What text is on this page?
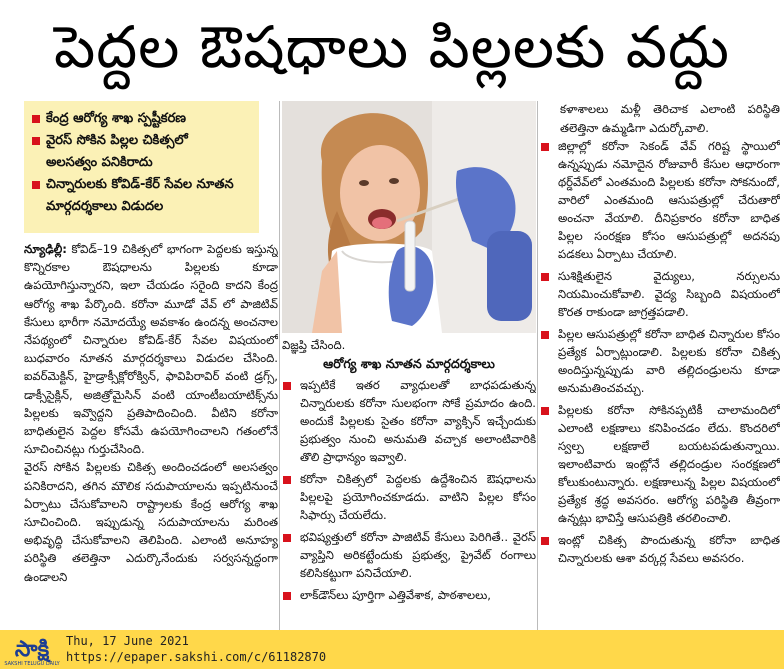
పెద్దల ఔషధాలు పిల్లలకు వద్దు
కేంద్ర ఆరోగ్య శాఖ స్పష్టీకరణ
వైరస్ సోకిన పిల్లల చికిత్సలో
అలసత్వం పనికిరాదు
చిన్నారులకు కోవిడ్‌-కేర్ సేవల నూతన
మార్గదర్శకాలు విడుదల

న్యూఢిల్లీ: కోవిడ్–19 చికిత్సలో భాగంగా పెద్దలకు ఇస్తున్న కొన్నిరకాల ఔషధాలను పిల్లలకు కూడా ఉపయోగిస్తున్నారని, ఇలా చేయడం సరైంది కాదని కేంద్ర ఆరోగ్య శాఖ పేర్కొంది. కరోనా మూడో వేవ్ లో పాజిటివ్ కేసులు భారీగా నమోదయ్యే అవకాశం ఉందన్న అంచనాల నేపథ్యంలో చిన్నారుల కోవిడ్‌-కేర్ సేవల విషయంలో బుధవారం నూతన మార్గదర్శకాలు విడుదల చేసింది. ఐవర్‌మెక్టిన్, హైడ్రాక్సీక్లోరోక్విన్, ఫావిపిరావిర్ వంటి డ్రగ్స్, డాక్సీసైక్లిన్, అజిత్రోమైసిన్ వంటి యాంటీబయాటిక్స్‌ను పిల్లలకు ఇవ్వొద్దని ప్రతిపాదించింది. వీటిని కరోనా బాధితులైన పెద్దల కోసమే ఉపయోగించాలని గతంలోనే సూచించినట్లు గుర్తుచేసింది.

వైరస్ సోకిన పిల్లలకు చికిత్స అందించడంలో అలసత్వం పనికిరాదని, తగిన మౌలిక సదుపాయాలను ఇప్పటినుంచే ఏర్పాటు చేసుకోవాలని రాష్ట్రాలకు కేంద్ర ఆరోగ్య శాఖ సూచించింది. ఇప్పుడున్న సదుపాయాలను మరింత అభివృద్ధి చేసుకోవాలని తెలిపింది. ఎలాంటి అనూహ్య పరిస్థితి తలెత్తినా ఎదుర్కొనేందుకు సర్వసన్నద్ధంగా ఉండాలని

విజ్ఞప్తి చేసింది.
ఆరోగ్య శాఖ నూతన మార్గదర్శకాలు

ఇప్పటికే ఇతర వ్యాధులతో బాధపడుతున్న చిన్నారులకు కరోనా సులభంగా సోకే ప్రమాదం ఉంది. అందుకే పిల్లలకు సైతం కరోనా వ్యాక్సిన్ ఇచ్చేందుకు ప్రభుత్వం నుంచి అనుమతి వచ్చాక అలాంటివారికి తొలి ప్రాధాన్యం ఇవ్వాలి.

కరోనా చికిత్సలో పెద్దలకు ఉద్దేశించిన ఔషధాలను పిల్లలపై ప్రయోగించకూడదు. వాటిని పిల్లల కోసం సిఫార్సు చేయలేదు.

భవిష్యత్తులో కరోనా పాజిటివ్ కేసులు పెరిగితే.. వైరస్ వ్యాప్తిని అరికట్టేందుకు ప్రభుత్వ, ప్రైవేట్ రంగాలు కలిసికట్టుగా పనిచేయాలి.

లాక్‌డౌన్‌లు పూర్తిగా ఎత్తివేశాక, పాఠశాలలు,

కళాశాలలు మళ్లీ తెరిచాక ఎలాంటి పరిస్థితి తలెత్తినా ఉమ్మడిగా ఎదుర్కోవాలి.

జిల్లాల్లో కరోనా సెకండ్ వేవ్ గరిష్ట స్థాయిలో ఉన్నప్పుడు నమోదైన రోజువారీ కేసుల ఆధారంగా థర్డ్‌వేవ్‌లో ఎంతమంది పిల్లలకు కరోనా సోకనుందో, వారిలో ఎంతమంది ఆసుపత్రుల్లో చేరుతారో అంచనా వేయాలి. దీనిప్రకారం కరోనా బాధిత పిల్లల సంరక్షణ కోసం ఆసుపత్రుల్లో అదనపు పడకలు ఏర్పాటు చేయాలి.

సుశిక్షితులైన వైద్యులు, నర్సులను నియమించుకోవాలి. వైద్య సిబ్బంది విషయంలో కొరత రాకుండా జాగ్రత్తపడాలి.

పిల్లల ఆసుపత్రుల్లో కరోనా బాధిత చిన్నారుల కోసం ప్రత్యేక ఏర్పాట్లుండాలి. పిల్లలకు కరోనా చికిత్స అందిస్తున్నప్పుడు వారి తల్లిదండ్రులను కూడా అనుమతించవచ్చు.

పిల్లలకు కరోనా సోకినప్పటికీ చాలామందిలో ఎలాంటి లక్షణాలు కనిపించడం లేదు. కొందరిలో స్వల్ప లక్షణాలే బయటపడుతున్నాయి. ఇలాంటివారు ఇంట్లోనే తల్లిదండ్రుల సంరక్షణలో కోలుకుంటున్నారు. లక్షణాలున్న పిల్లల విషయంలో ప్రత్యేక శ్రద్ధ అవసరం. ఆరోగ్య పరిస్థితి తీవ్రంగా ఉన్నట్లు భావిస్తే ఆసుపత్రికి తరలించాలి.

ఇంట్లో చికిత్స పొందుతున్న కరోనా బాధిత చిన్నారులకు ఆశా వర్కర్ల సేవలు అవసరం.

సాక్షి
SAKSHI TELUGU DAILY
Thu, 17 June 2021
https://epaper.sakshi.com/c/61182870
